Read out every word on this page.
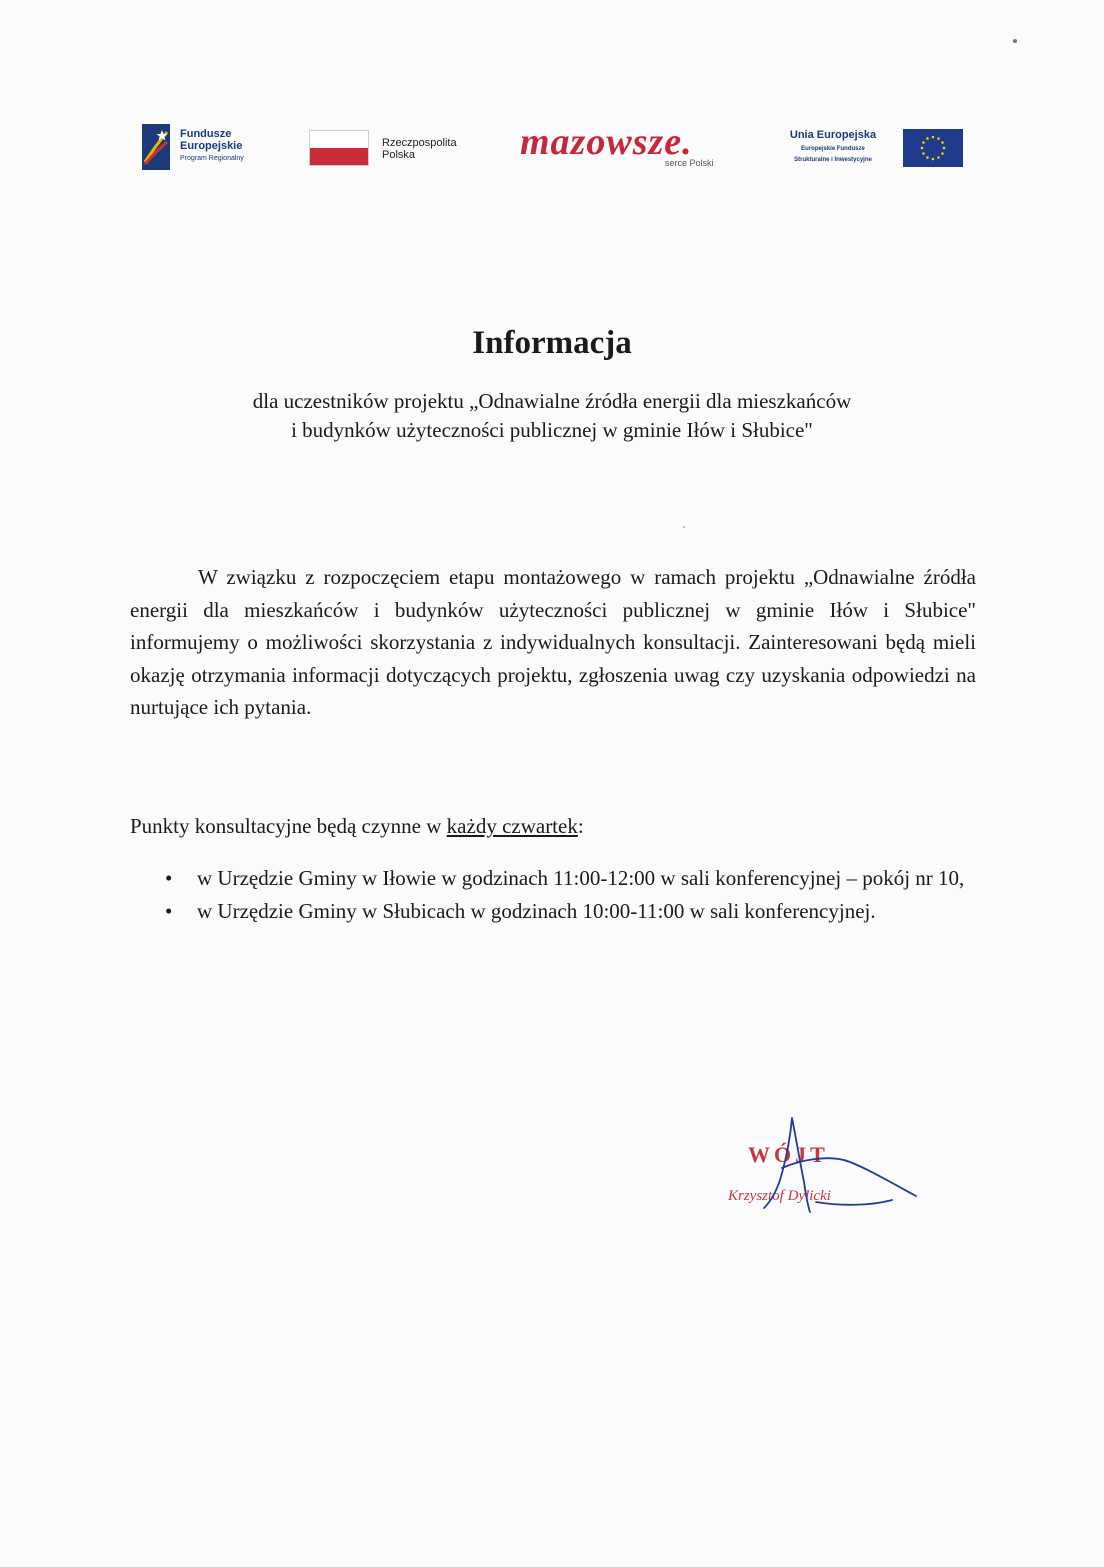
Fundusze
Europejskie
Program Regionalny
Rzeczpospolita
Polska	mazowsze.
serce Polski
Unia Europejska
Europejskie Fundusze
Strukturalne i Inwestycyjne
Informacja
dla uczestników projektu „Odnawialne źródła energii dla mieszkańców
i budynków użyteczności publicznej w gminie Iłów i Słubice"

W związku z rozpoczęciem etapu montażowego w ramach projektu „Odnawialne źródła energii dla mieszkańców i budynków użyteczności publicznej w gminie Iłów i Słubice" informujemy o możliwości skorzystania z indywidualnych konsultacji. Zainteresowani będą mieli okazję otrzymania informacji dotyczących projektu, zgłoszenia uwag czy uzyskania odpowiedzi na nurtujące ich pytania.

Punkty konsultacyjne będą czynne w każdy czwartek:

• w Urzędzie Gminy w Iłowie w godzinach 11:00-12:00 w sali konferencyjnej – pokój nr 10,
• w Urzędzie Gminy w Słubicach w godzinach 10:00-11:00 w sali konferencyjnej.
WÓJT
Krzysztof Dylicki
